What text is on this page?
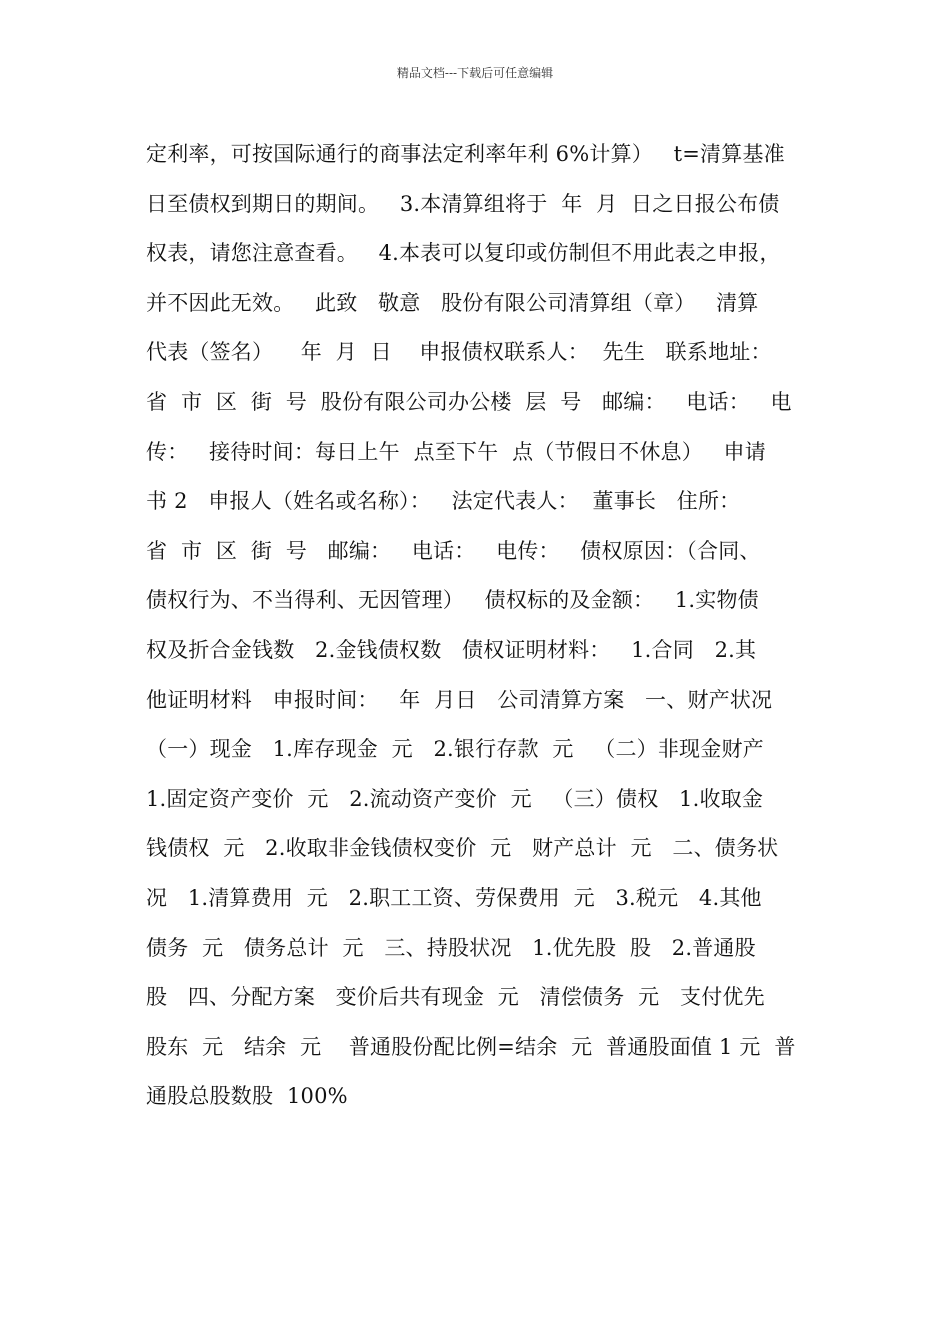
精品文档---下载后可任意编辑
定利率，可按国际通行的商事法定利率年利 6%计算）   t=清算基准
日至债权到期日的期间。   3.本清算组将于  年  月  日之日报公布债
权表，请您注意查看。   4.本表可以复印或仿制但不用此表之申报，
并不因此无效。   此致   敬意   股份有限公司清算组（章）   清算
代表（签名）    年  月  日    申报债权联系人：  先生   联系地址：
省  市  区  街  号  股份有限公司办公楼  层  号   邮编：   电话：   电
传：   接待时间：每日上午  点至下午  点（节假日不休息）   申请
书 2   申报人（姓名或名称）：   法定代表人：  董事长   住所：
省  市  区  街  号   邮编：   电话：   电传：   债权原因：（合同、
债权行为、不当得利、无因管理）   债权标的及金额：   1.实物债
权及折合金钱数   2.金钱债权数   债权证明材料：   1.合同   2.其
他证明材料   申报时间：   年  月日   公司清算方案   一、财产状况
（一）现金   1.库存现金  元   2.银行存款  元   （二）非现金财产
1.固定资产变价  元   2.流动资产变价  元   （三）债权   1.收取金
钱债权  元   2.收取非金钱债权变价  元   财产总计  元   二、债务状
况   1.清算费用  元   2.职工工资、劳保费用  元   3.税元   4.其他
债务  元   债务总计  元   三、持股状况   1.优先股  股   2.普通股
股   四、分配方案   变价后共有现金  元   清偿债务  元   支付优先
股东  元   结余  元    普通股份配比例=结余  元  普通股面值 1 元  普
通股总股数股  100%
